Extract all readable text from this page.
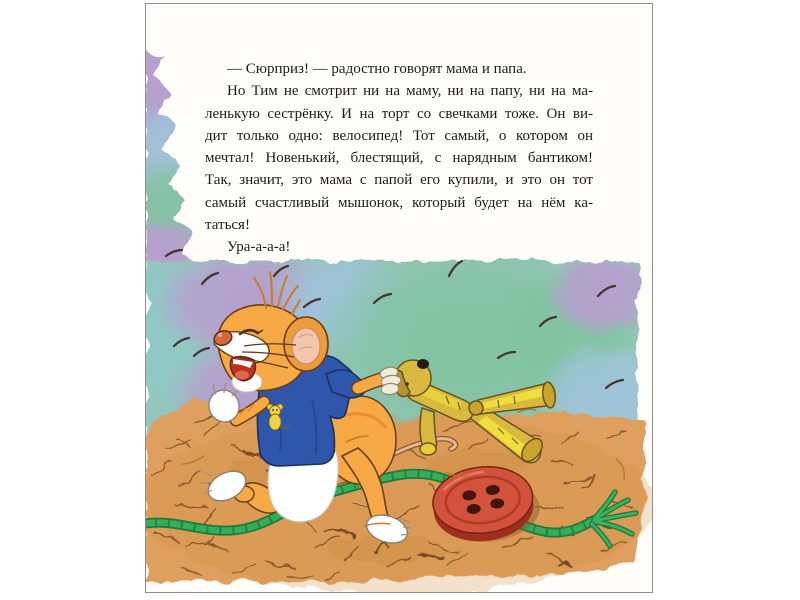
— Сюрприз! — радостно говорят мама и папа.
Но Тим не смотрит ни на маму, ни на папу, ни на ма-
ленькую сестрёнку. И на торт со свечками тоже. Он ви-
дит только одно: велосипед! Тот самый, о котором он
мечтал! Новенький, блестящий, с нарядным бантиком!
Так, значит, это мама с папой его купили, и это он тот
самый счастливый мышонок, который будет на нём ка-
таться!
Ура-а-а-а!
